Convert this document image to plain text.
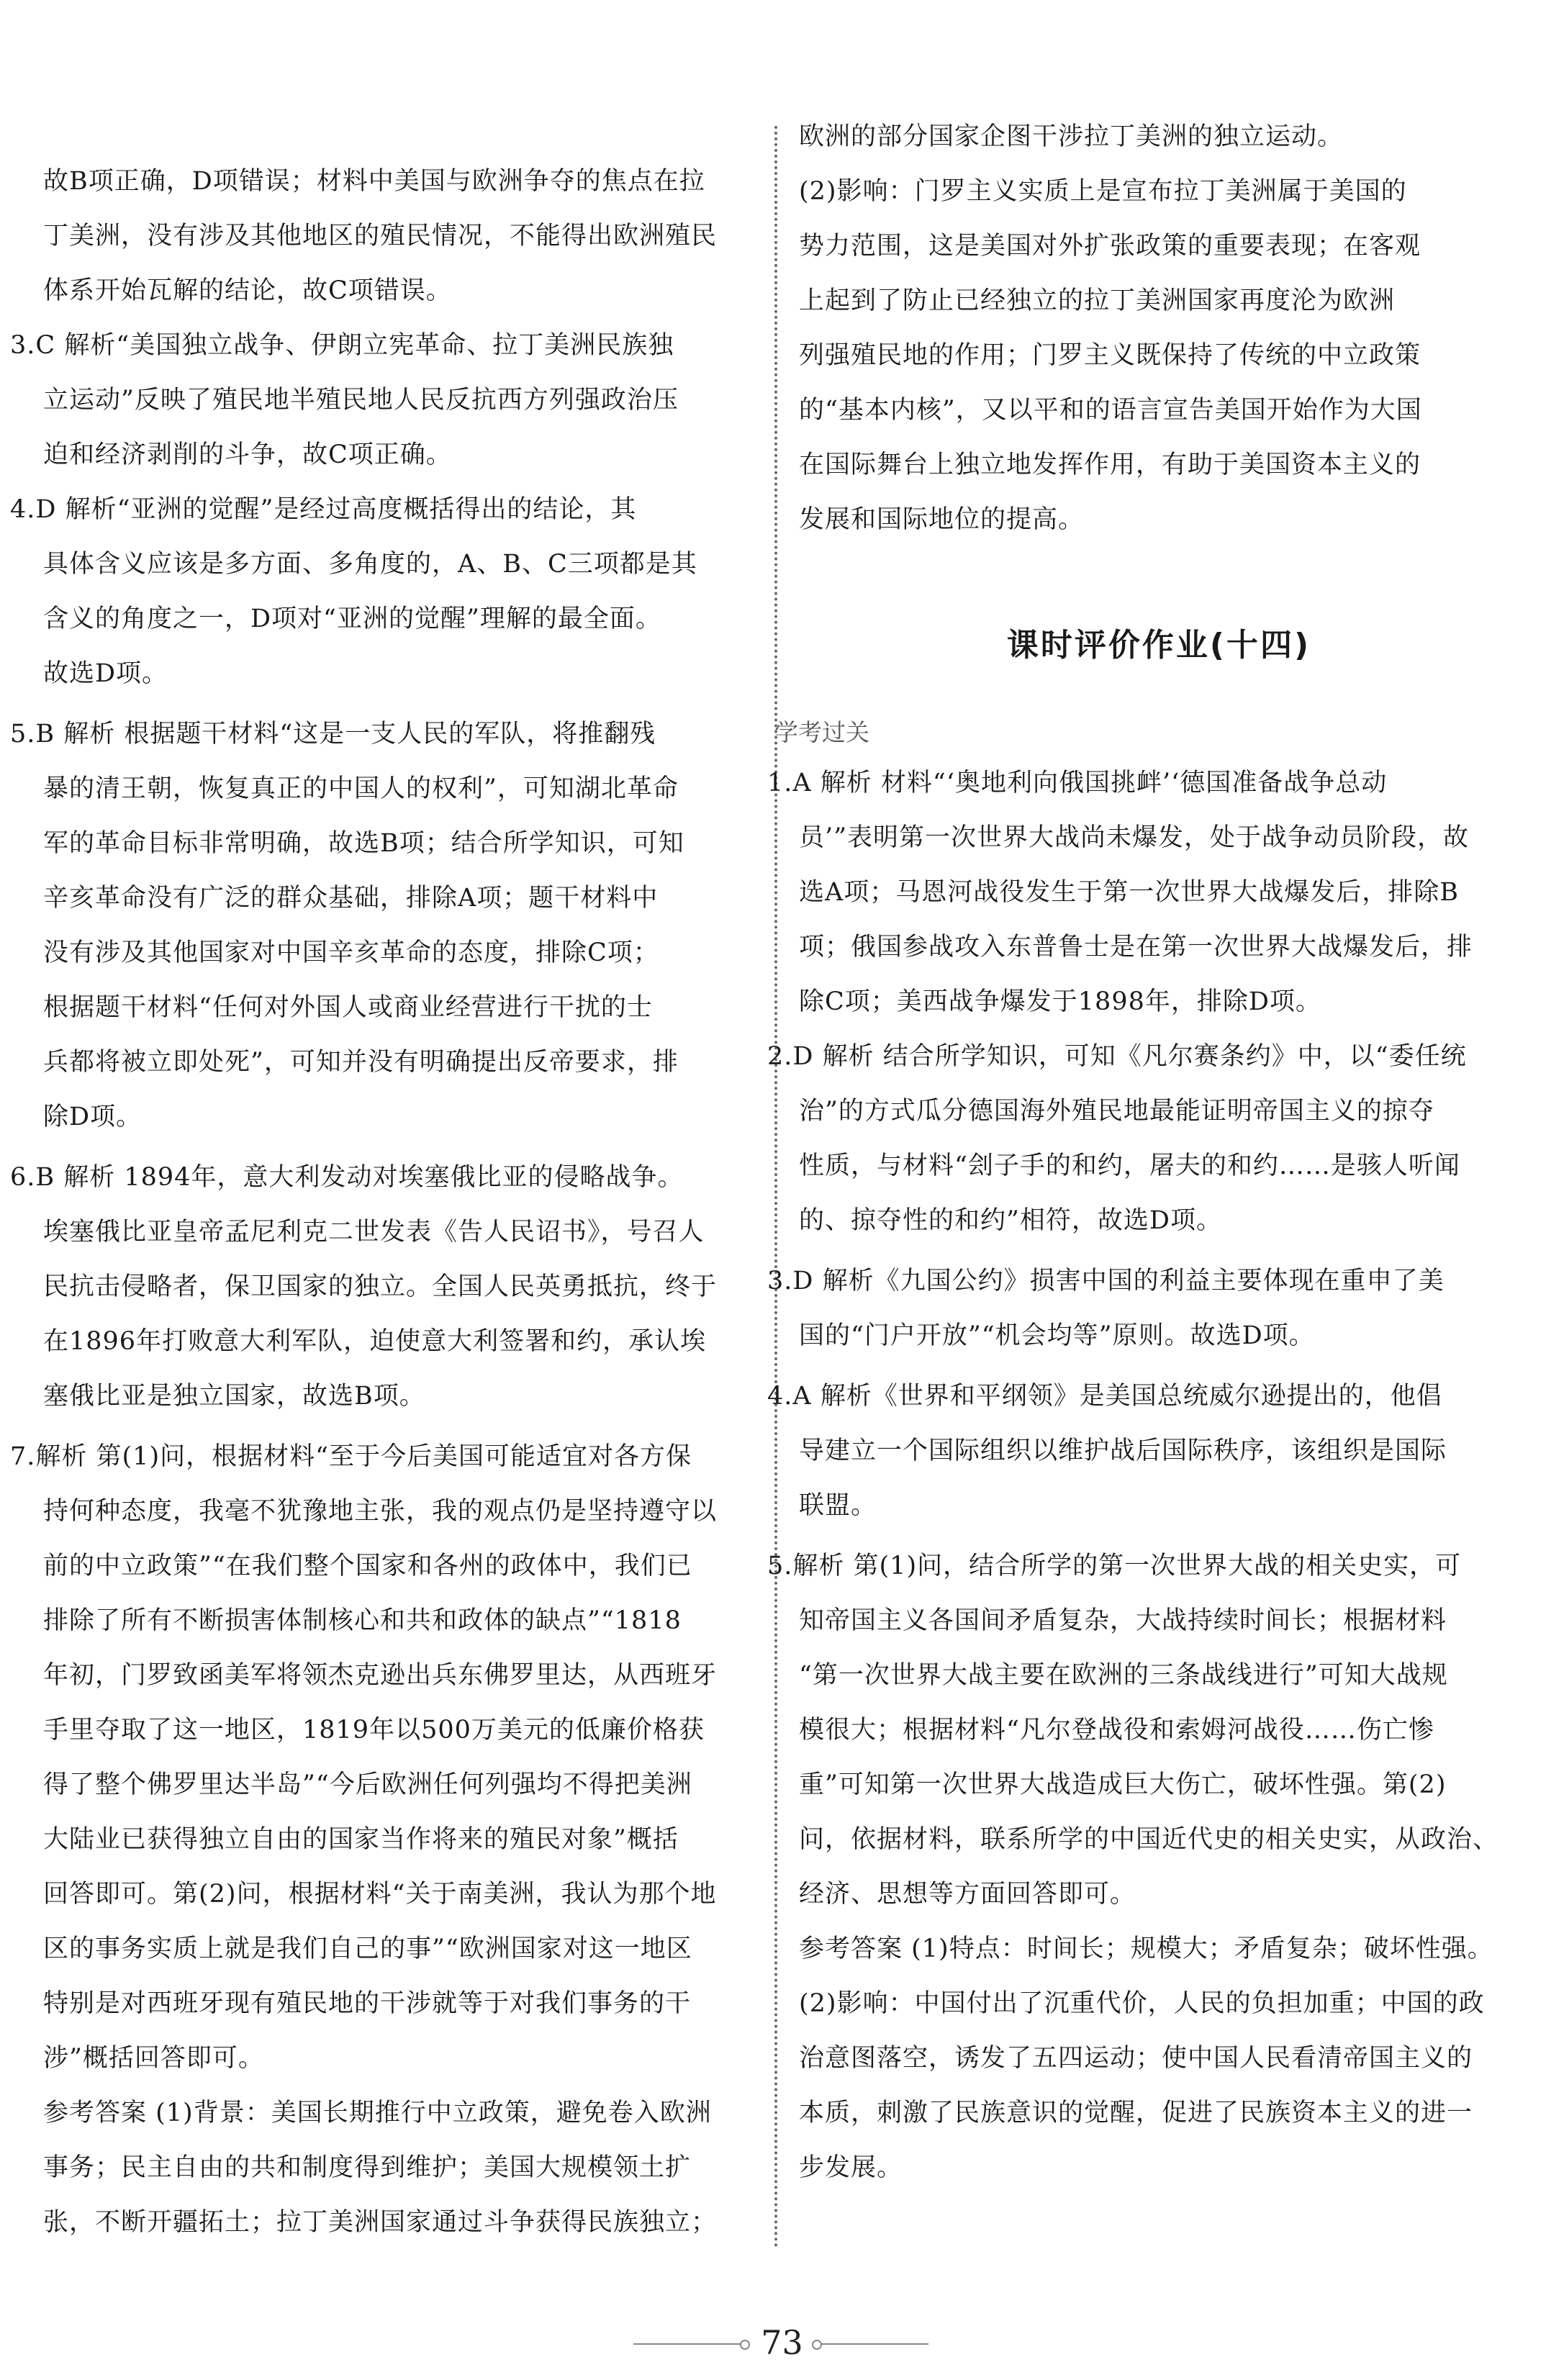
故B项正确，D项错误；材料中美国与欧洲争夺的焦点在拉
丁美洲，没有涉及其他地区的殖民情况，不能得出欧洲殖民
体系开始瓦解的结论，故C项错误。
3.C 解析“美国独立战争、伊朗立宪革命、拉丁美洲民族独
立运动”反映了殖民地半殖民地人民反抗西方列强政治压
迫和经济剥削的斗争，故C项正确。
4.D 解析“亚洲的觉醒”是经过高度概括得出的结论，其
具体含义应该是多方面、多角度的，A、B、C三项都是其
含义的角度之一，D项对“亚洲的觉醒”理解的最全面。
故选D项。
5.B 解析 根据题干材料“这是一支人民的军队，将推翻残
暴的清王朝，恢复真正的中国人的权利”，可知湖北革命
军的革命目标非常明确，故选B项；结合所学知识，可知
辛亥革命没有广泛的群众基础，排除A项；题干材料中
没有涉及其他国家对中国辛亥革命的态度，排除C项；
根据题干材料“任何对外国人或商业经营进行干扰的士
兵都将被立即处死”，可知并没有明确提出反帝要求，排
除D项。
6.B 解析 1894年，意大利发动对埃塞俄比亚的侵略战争。
埃塞俄比亚皇帝孟尼利克二世发表《告人民诏书》，号召人
民抗击侵略者，保卫国家的独立。全国人民英勇抵抗，终于
在1896年打败意大利军队，迫使意大利签署和约，承认埃
塞俄比亚是独立国家，故选B项。
7.解析 第(1)问，根据材料“至于今后美国可能适宜对各方保
持何种态度，我毫不犹豫地主张，我的观点仍是坚持遵守以
前的中立政策”“在我们整个国家和各州的政体中，我们已
排除了所有不断损害体制核心和共和政体的缺点”“1818
年初，门罗致函美军将领杰克逊出兵东佛罗里达，从西班牙
手里夺取了这一地区，1819年以500万美元的低廉价格获
得了整个佛罗里达半岛”“今后欧洲任何列强均不得把美洲
大陆业已获得独立自由的国家当作将来的殖民对象”概括
回答即可。第(2)问，根据材料“关于南美洲，我认为那个地
区的事务实质上就是我们自己的事”“欧洲国家对这一地区
特别是对西班牙现有殖民地的干涉就等于对我们事务的干
涉”概括回答即可。
参考答案 (1)背景：美国长期推行中立政策，避免卷入欧洲
事务；民主自由的共和制度得到维护；美国大规模领土扩
张，不断开疆拓土；拉丁美洲国家通过斗争获得民族独立；
欧洲的部分国家企图干涉拉丁美洲的独立运动。
(2)影响：门罗主义实质上是宣布拉丁美洲属于美国的
势力范围，这是美国对外扩张政策的重要表现；在客观
上起到了防止已经独立的拉丁美洲国家再度沦为欧洲
列强殖民地的作用；门罗主义既保持了传统的中立政策
的“基本内核”，又以平和的语言宣告美国开始作为大国
在国际舞台上独立地发挥作用，有助于美国资本主义的
发展和国际地位的提高。
课时评价作业(十四)
学考过关
1.A 解析 材料“‘奥地利向俄国挑衅’‘德国准备战争总动
员’”表明第一次世界大战尚未爆发，处于战争动员阶段，故
选A项；马恩河战役发生于第一次世界大战爆发后，排除B
项；俄国参战攻入东普鲁士是在第一次世界大战爆发后，排
除C项；美西战争爆发于1898年，排除D项。
2.D 解析 结合所学知识，可知《凡尔赛条约》中，以“委任统
治”的方式瓜分德国海外殖民地最能证明帝国主义的掠夺
性质，与材料“刽子手的和约，屠夫的和约……是骇人听闻
的、掠夺性的和约”相符，故选D项。
3.D 解析《九国公约》损害中国的利益主要体现在重申了美
国的“门户开放”“机会均等”原则。故选D项。
4.A 解析《世界和平纲领》是美国总统威尔逊提出的，他倡
导建立一个国际组织以维护战后国际秩序，该组织是国际
联盟。
5.解析 第(1)问，结合所学的第一次世界大战的相关史实，可
知帝国主义各国间矛盾复杂，大战持续时间长；根据材料
“第一次世界大战主要在欧洲的三条战线进行”可知大战规
模很大；根据材料“凡尔登战役和索姆河战役……伤亡惨
重”可知第一次世界大战造成巨大伤亡，破坏性强。第(2)
问，依据材料，联系所学的中国近代史的相关史实，从政治、
经济、思想等方面回答即可。
参考答案 (1)特点：时间长；规模大；矛盾复杂；破坏性强。
(2)影响：中国付出了沉重代价，人民的负担加重；中国的政
治意图落空，诱发了五四运动；使中国人民看清帝国主义的
本质，刺激了民族意识的觉醒，促进了民族资本主义的进一
步发展。
73
